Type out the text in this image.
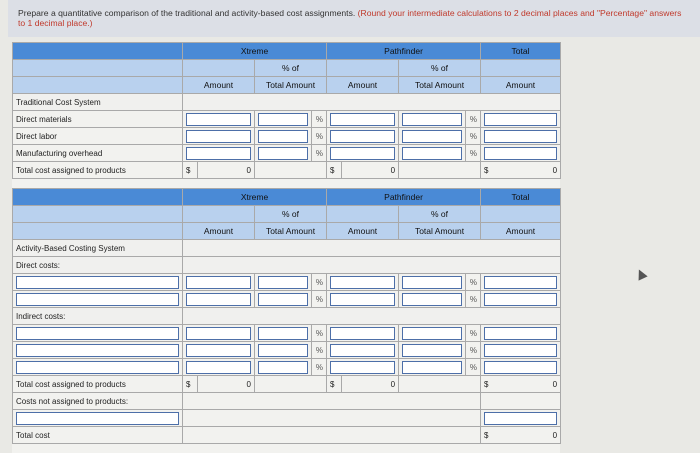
Prepare a quantitative comparison of the traditional and activity-based cost assignments. (Round your intermediate calculations to 2 decimal places and "Percentage" answers to 1 decimal place.)
	Xtreme				Pathfinder				Total
			% of				% of		
	Amount		Total Amount		Amount		Total Amount		Amount
Traditional Cost System									
Direct materials				%				%	

Direct labor				%				%	

Manufacturing overhead				%				%	

Total cost assigned to products	$	0			$	0			$ 0
	Xtreme				Pathfinder				Total
			% of				% of		
	Amount		Total Amount		Amount		Total Amount		Amount
Activity-Based Costing System									
Direct costs:									

		%				%	

		%				%	

Indirect costs:									

		%				%	

		%				%	

		%				%	

Total cost assigned to products	$	0			$	0			$ 0
Costs not assigned to products:									

Total cost									$ 0
